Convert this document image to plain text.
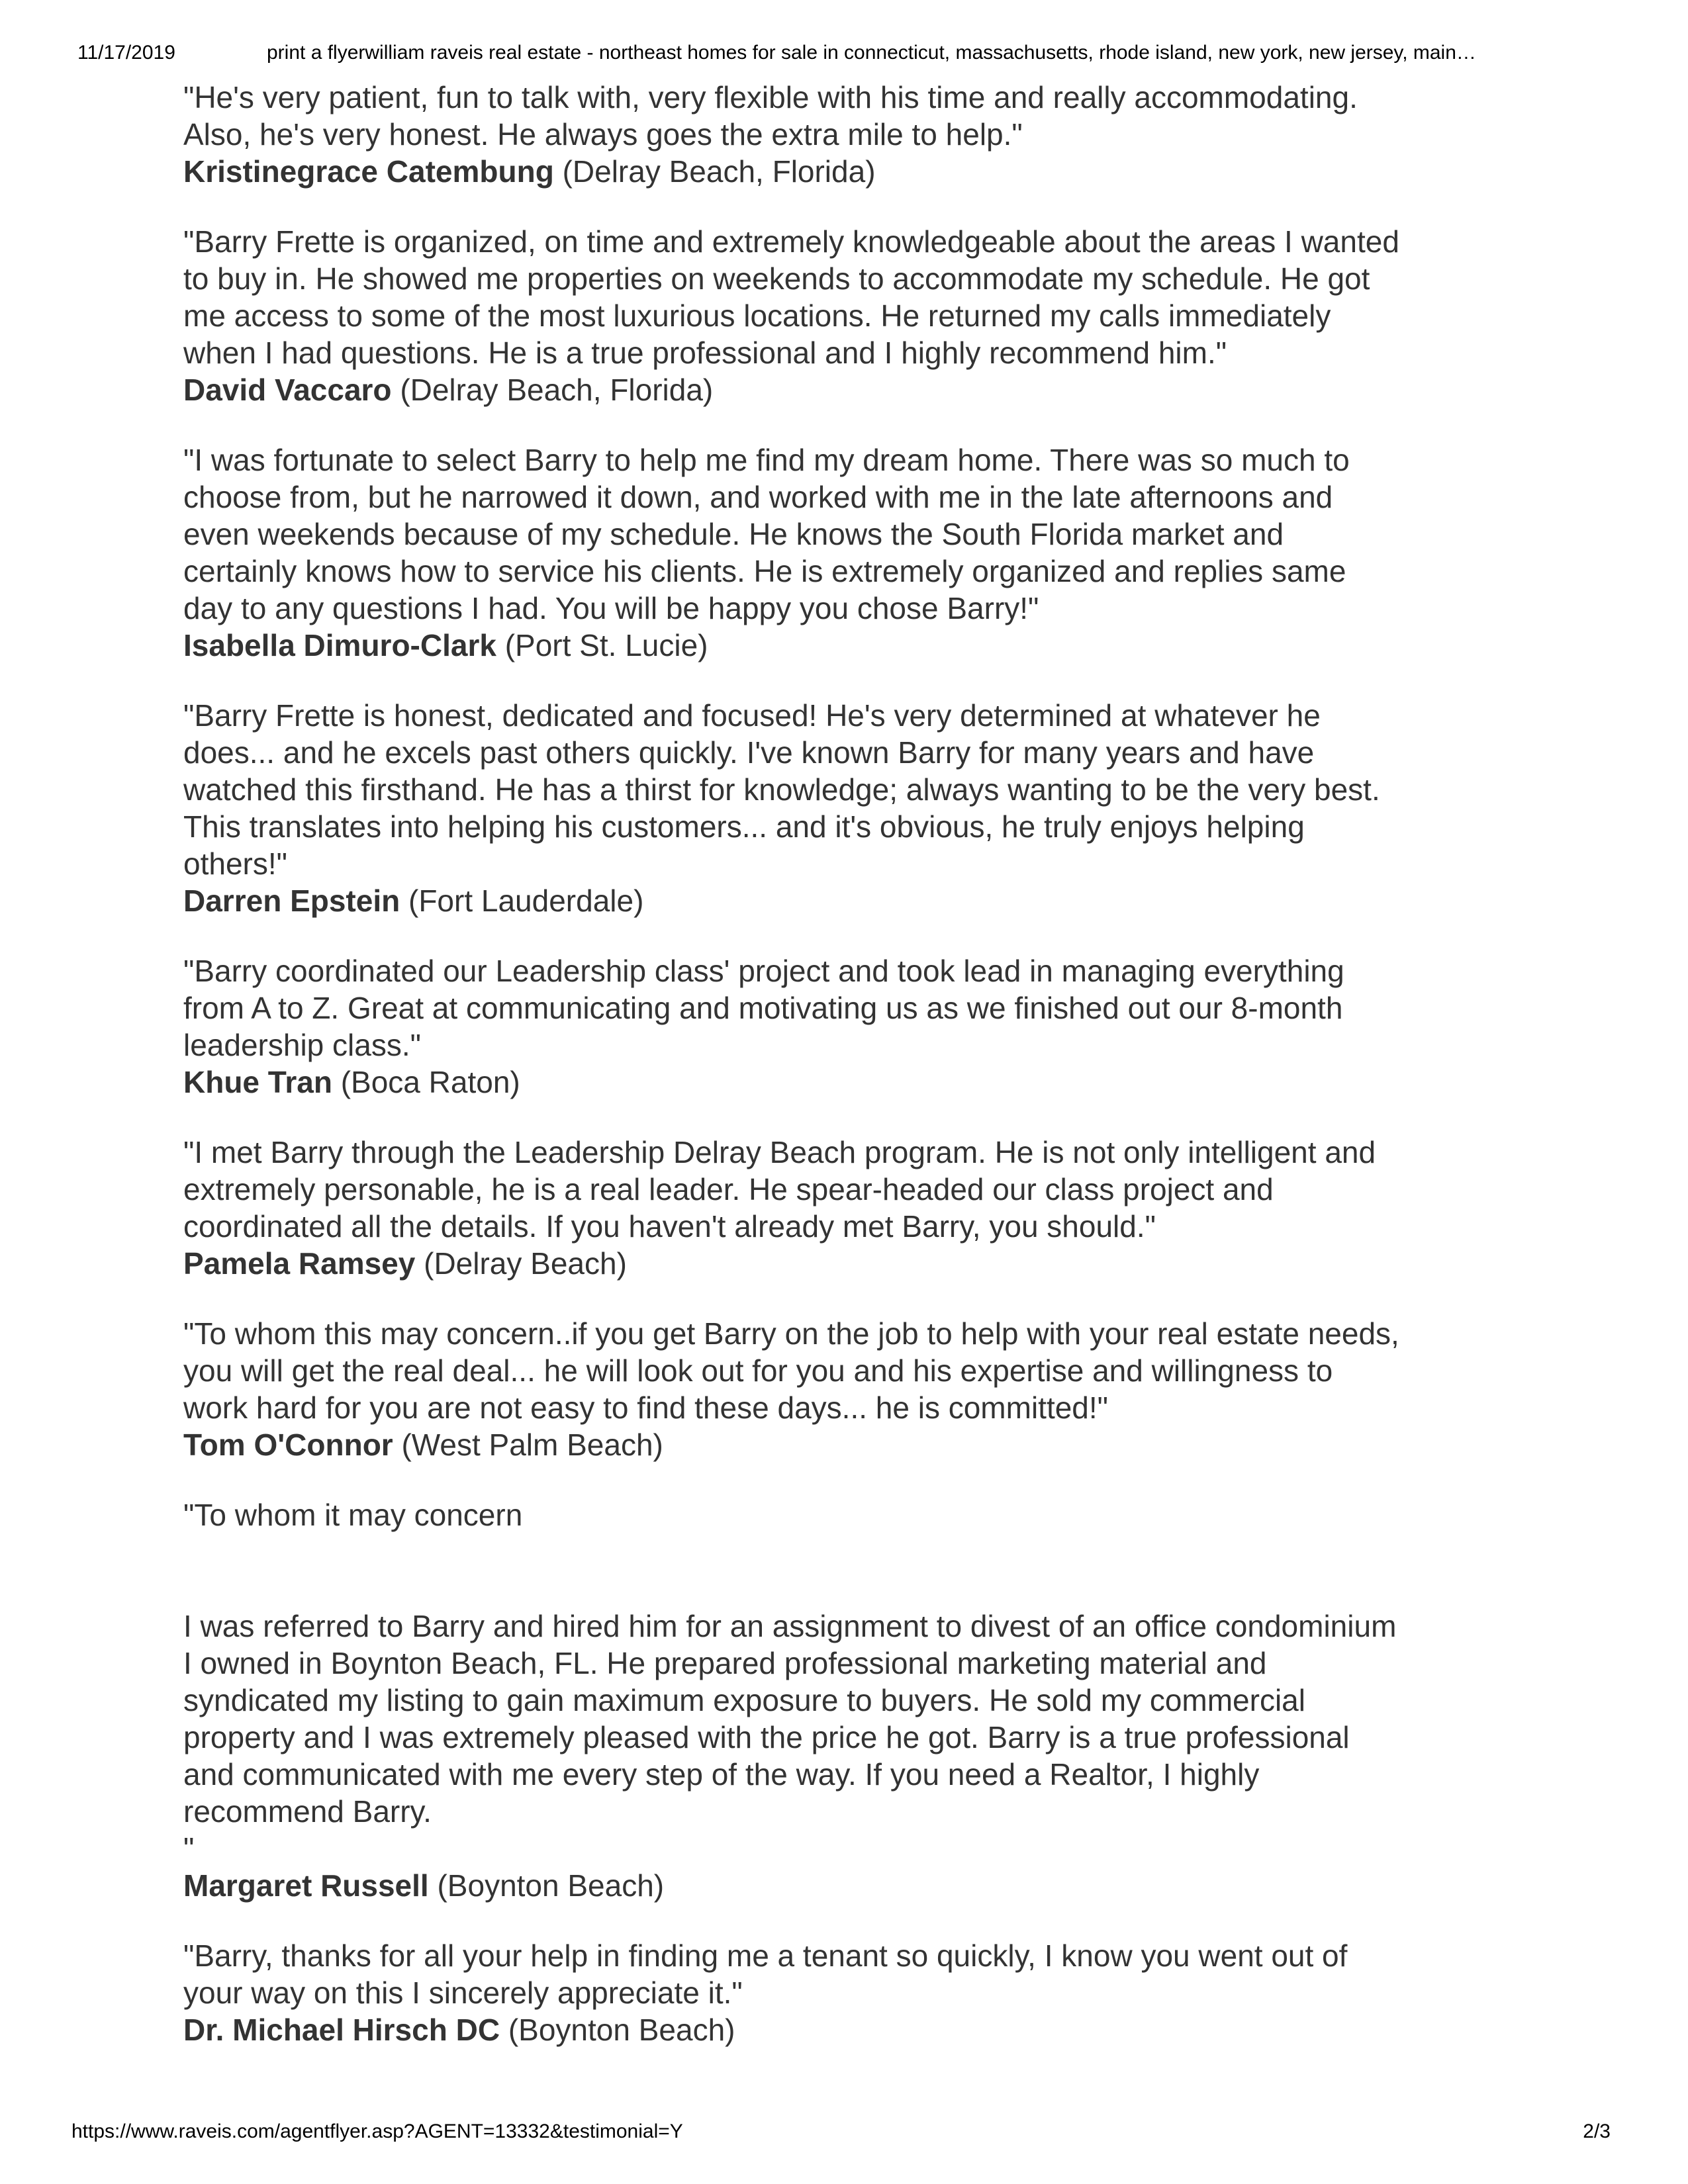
11/17/2019	print a flyerwilliam raveis real estate - northeast homes for sale in connecticut, massachusetts, rhode island, new york, new jersey, main…

"He's very patient, fun to talk with, very flexible with his time and really accommodating.
Also, he's very honest. He always goes the extra mile to help."

Kristinegrace Catembung (Delray Beach, Florida)

"Barry Frette is organized, on time and extremely knowledgeable about the areas I wanted
to buy in. He showed me properties on weekends to accommodate my schedule. He got
me access to some of the most luxurious locations. He returned my calls immediately
when I had questions. He is a true professional and I highly recommend him."

David Vaccaro (Delray Beach, Florida)

"I was fortunate to select Barry to help me find my dream home. There was so much to
choose from, but he narrowed it down, and worked with me in the late afternoons and
even weekends because of my schedule. He knows the South Florida market and
certainly knows how to service his clients. He is extremely organized and replies same
day to any questions I had. You will be happy you chose Barry!"

Isabella Dimuro-Clark (Port St. Lucie)

"Barry Frette is honest, dedicated and focused! He's very determined at whatever he
does... and he excels past others quickly. I've known Barry for many years and have
watched this firsthand. He has a thirst for knowledge; always wanting to be the very best.
This translates into helping his customers... and it's obvious, he truly enjoys helping
others!"

Darren Epstein (Fort Lauderdale)

"Barry coordinated our Leadership class' project and took lead in managing everything
from A to Z. Great at communicating and motivating us as we finished out our 8-month
leadership class."

Khue Tran (Boca Raton)

"I met Barry through the Leadership Delray Beach program. He is not only intelligent and
extremely personable, he is a real leader. He spear-headed our class project and
coordinated all the details. If you haven't already met Barry, you should."

Pamela Ramsey (Delray Beach)

"To whom this may concern..if you get Barry on the job to help with your real estate needs,
you will get the real deal... he will look out for you and his expertise and willingness to
work hard for you are not easy to find these days... he is committed!"

Tom O'Connor (West Palm Beach)

"To whom it may concern

I was referred to Barry and hired him for an assignment to divest of an office condominium
I owned in Boynton Beach, FL. He prepared professional marketing material and
syndicated my listing to gain maximum exposure to buyers. He sold my commercial
property and I was extremely pleased with the price he got. Barry is a true professional
and communicated with me every step of the way. If you need a Realtor, I highly
recommend Barry.
"

Margaret Russell (Boynton Beach)

"Barry, thanks for all your help in finding me a tenant so quickly, I know you went out of
your way on this I sincerely appreciate it."

Dr. Michael Hirsch DC (Boynton Beach)

https://www.raveis.com/agentflyer.asp?AGENT=13332&testimonial=Y	2/3
